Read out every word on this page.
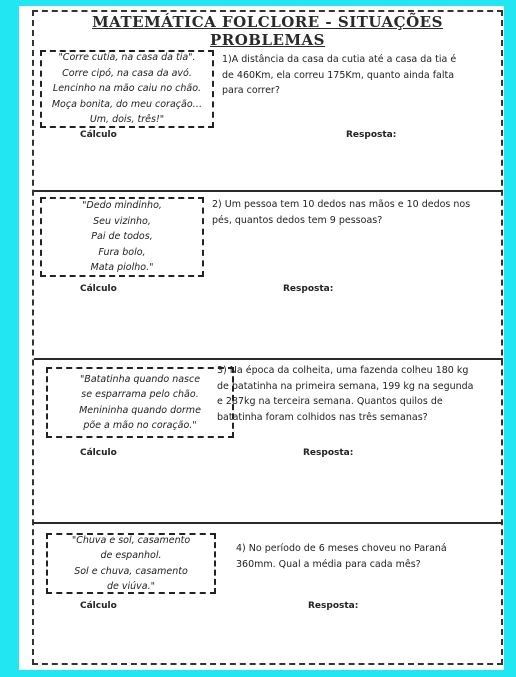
MATEMÁTICA FOLCLORE - SITUAÇÕES PROBLEMAS
"Corre cutia, na casa da tia".
Corre cipó, na casa da avó.
Lencinho na mão caiu no chão.
Moça bonita, do meu coração…
Um, dois, três!"
1)A distância da casa da cutia até a casa da tia é
de 460Km, ela correu 175Km, quanto ainda falta
para correr?
Cálculo	Resposta:
"Dedo mindinho,
Seu vizinho,
Pai de todos,
Fura bolo,
Mata piolho."
2) Um pessoa tem 10 dedos nas mãos e 10 dedos nos
pés, quantos dedos tem 9 pessoas?
Cálculo	Resposta:
"Batatinha quando nasce
se esparrama pelo chão.
Menininha quando dorme
põe a mão no coração."
3) Na época da colheita, uma fazenda colheu 180 kg
de batatinha na primeira semana, 199 kg na segunda
e 287kg na terceira semana. Quantos quilos de
batatinha foram colhidos nas três semanas?
Cálculo	Resposta:
"Chuva e sol, casamento
de espanhol.
Sol e chuva, casamento
de viúva."
4) No período de 6 meses choveu no Paraná
360mm. Qual a média para cada mês?
Cálculo	Resposta:
